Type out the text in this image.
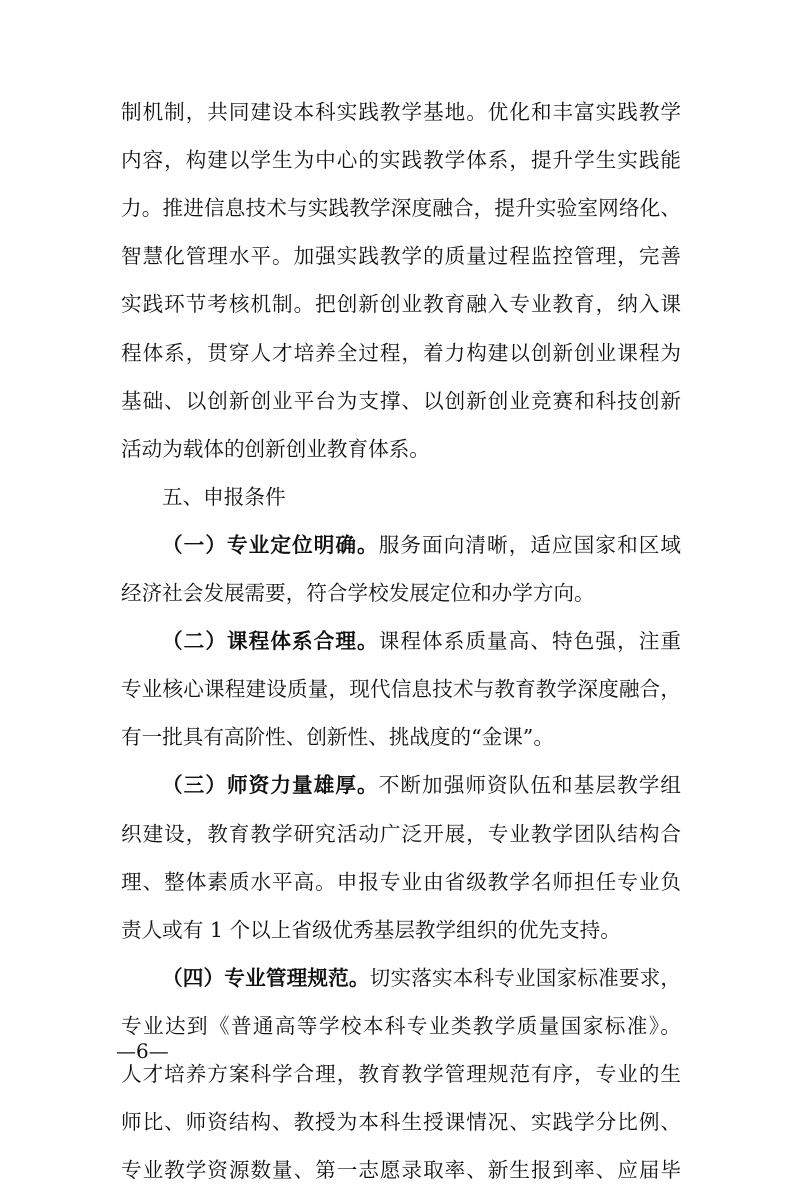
制机制，共同建设本科实践教学基地。优化和丰富实践教学
内容，构建以学生为中心的实践教学体系，提升学生实践能
力。推进信息技术与实践教学深度融合，提升实验室网络化、
智慧化管理水平。加强实践教学的质量过程监控管理，完善
实践环节考核机制。把创新创业教育融入专业教育，纳入课
程体系，贯穿人才培养全过程，着力构建以创新创业课程为
基础、以创新创业平台为支撑、以创新创业竞赛和科技创新
活动为载体的创新创业教育体系。
五、申报条件
（一）专业定位明确。服务面向清晰，适应国家和区域
经济社会发展需要，符合学校发展定位和办学方向。
（二）课程体系合理。课程体系质量高、特色强，注重
专业核心课程建设质量，现代信息技术与教育教学深度融合，
有一批具有高阶性、创新性、挑战度的“金课”。
（三）师资力量雄厚。不断加强师资队伍和基层教学组
织建设，教育教学研究活动广泛开展，专业教学团队结构合
理、整体素质水平高。申报专业由省级教学名师担任专业负
责人或有 1 个以上省级优秀基层教学组织的优先支持。
（四）专业管理规范。切实落实本科专业国家标准要求，
专业达到《普通高等学校本科专业类教学质量国家标准》。
人才培养方案科学合理，教育教学管理规范有序，专业的生
师比、师资结构、教授为本科生授课情况、实践学分比例、
专业教学资源数量、第一志愿录取率、新生报到率、应届毕
—6—
